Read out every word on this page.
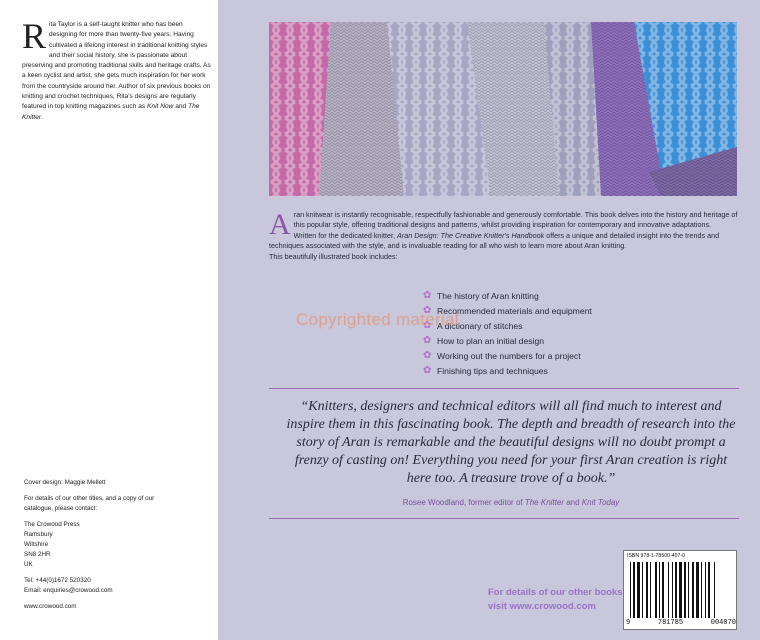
Rita Taylor is a self-taught knitter who has been designing for more than twenty-five years. Having cultivated a lifelong interest in traditional knitting styles and their social history, she is passionate about preserving and promoting traditional skills and heritage crafts. As a keen cyclist and artist, she gets much inspiration for her work from the countryside around her. Author of six previous books on knitting and crochet techniques, Rita's designs are regularly featured in top knitting magazines such as Knit Now and The Knitter.
Cover design: Maggie Mellett
For details of our other titles, and a copy of our
catalogue, please contact:
The Crowood Press
Ramsbury
Wiltshire
SN8 2HR
UK
Tel: +44(0)1672 520320
Email: enquiries@crowood.com
www.crowood.com

Aran knitwear is instantly recognisable, respectfully fashionable and generously comfortable. This book delves into the history and heritage of this popular style, offering traditional designs and patterns, whilst providing inspiration for contemporary and innovative adaptations.

Written for the dedicated knitter, Aran Design: The Creative Knitter's Handbook offers a unique and detailed insight into the trends and techniques associated with the style, and is invaluable reading for all who wish to learn more about Aran knitting.

This beautifully illustrated book includes:

✿
The history of Aran knitting
✿
Recommended materials and equipment
✿
A dictionary of stitches
✿
How to plan an initial design
✿
Working out the numbers for a project
✿
Finishing tips and techniques
Copyrighted material
“Knitters, designers and technical editors will all find much to interest and inspire them in this fascinating book. The depth and breadth of research into the story of Aran is remarkable and the beautiful designs will no doubt prompt a frenzy of casting on! Everything you need for your first Aran creation is right here too. A treasure trove of a book.”
Rosee Woodland, former editor of The Knitter and Knit Today
For details of our other books
visit www.crowood.com
ISBN 978-1-78500-407-0
9	781785	004070
